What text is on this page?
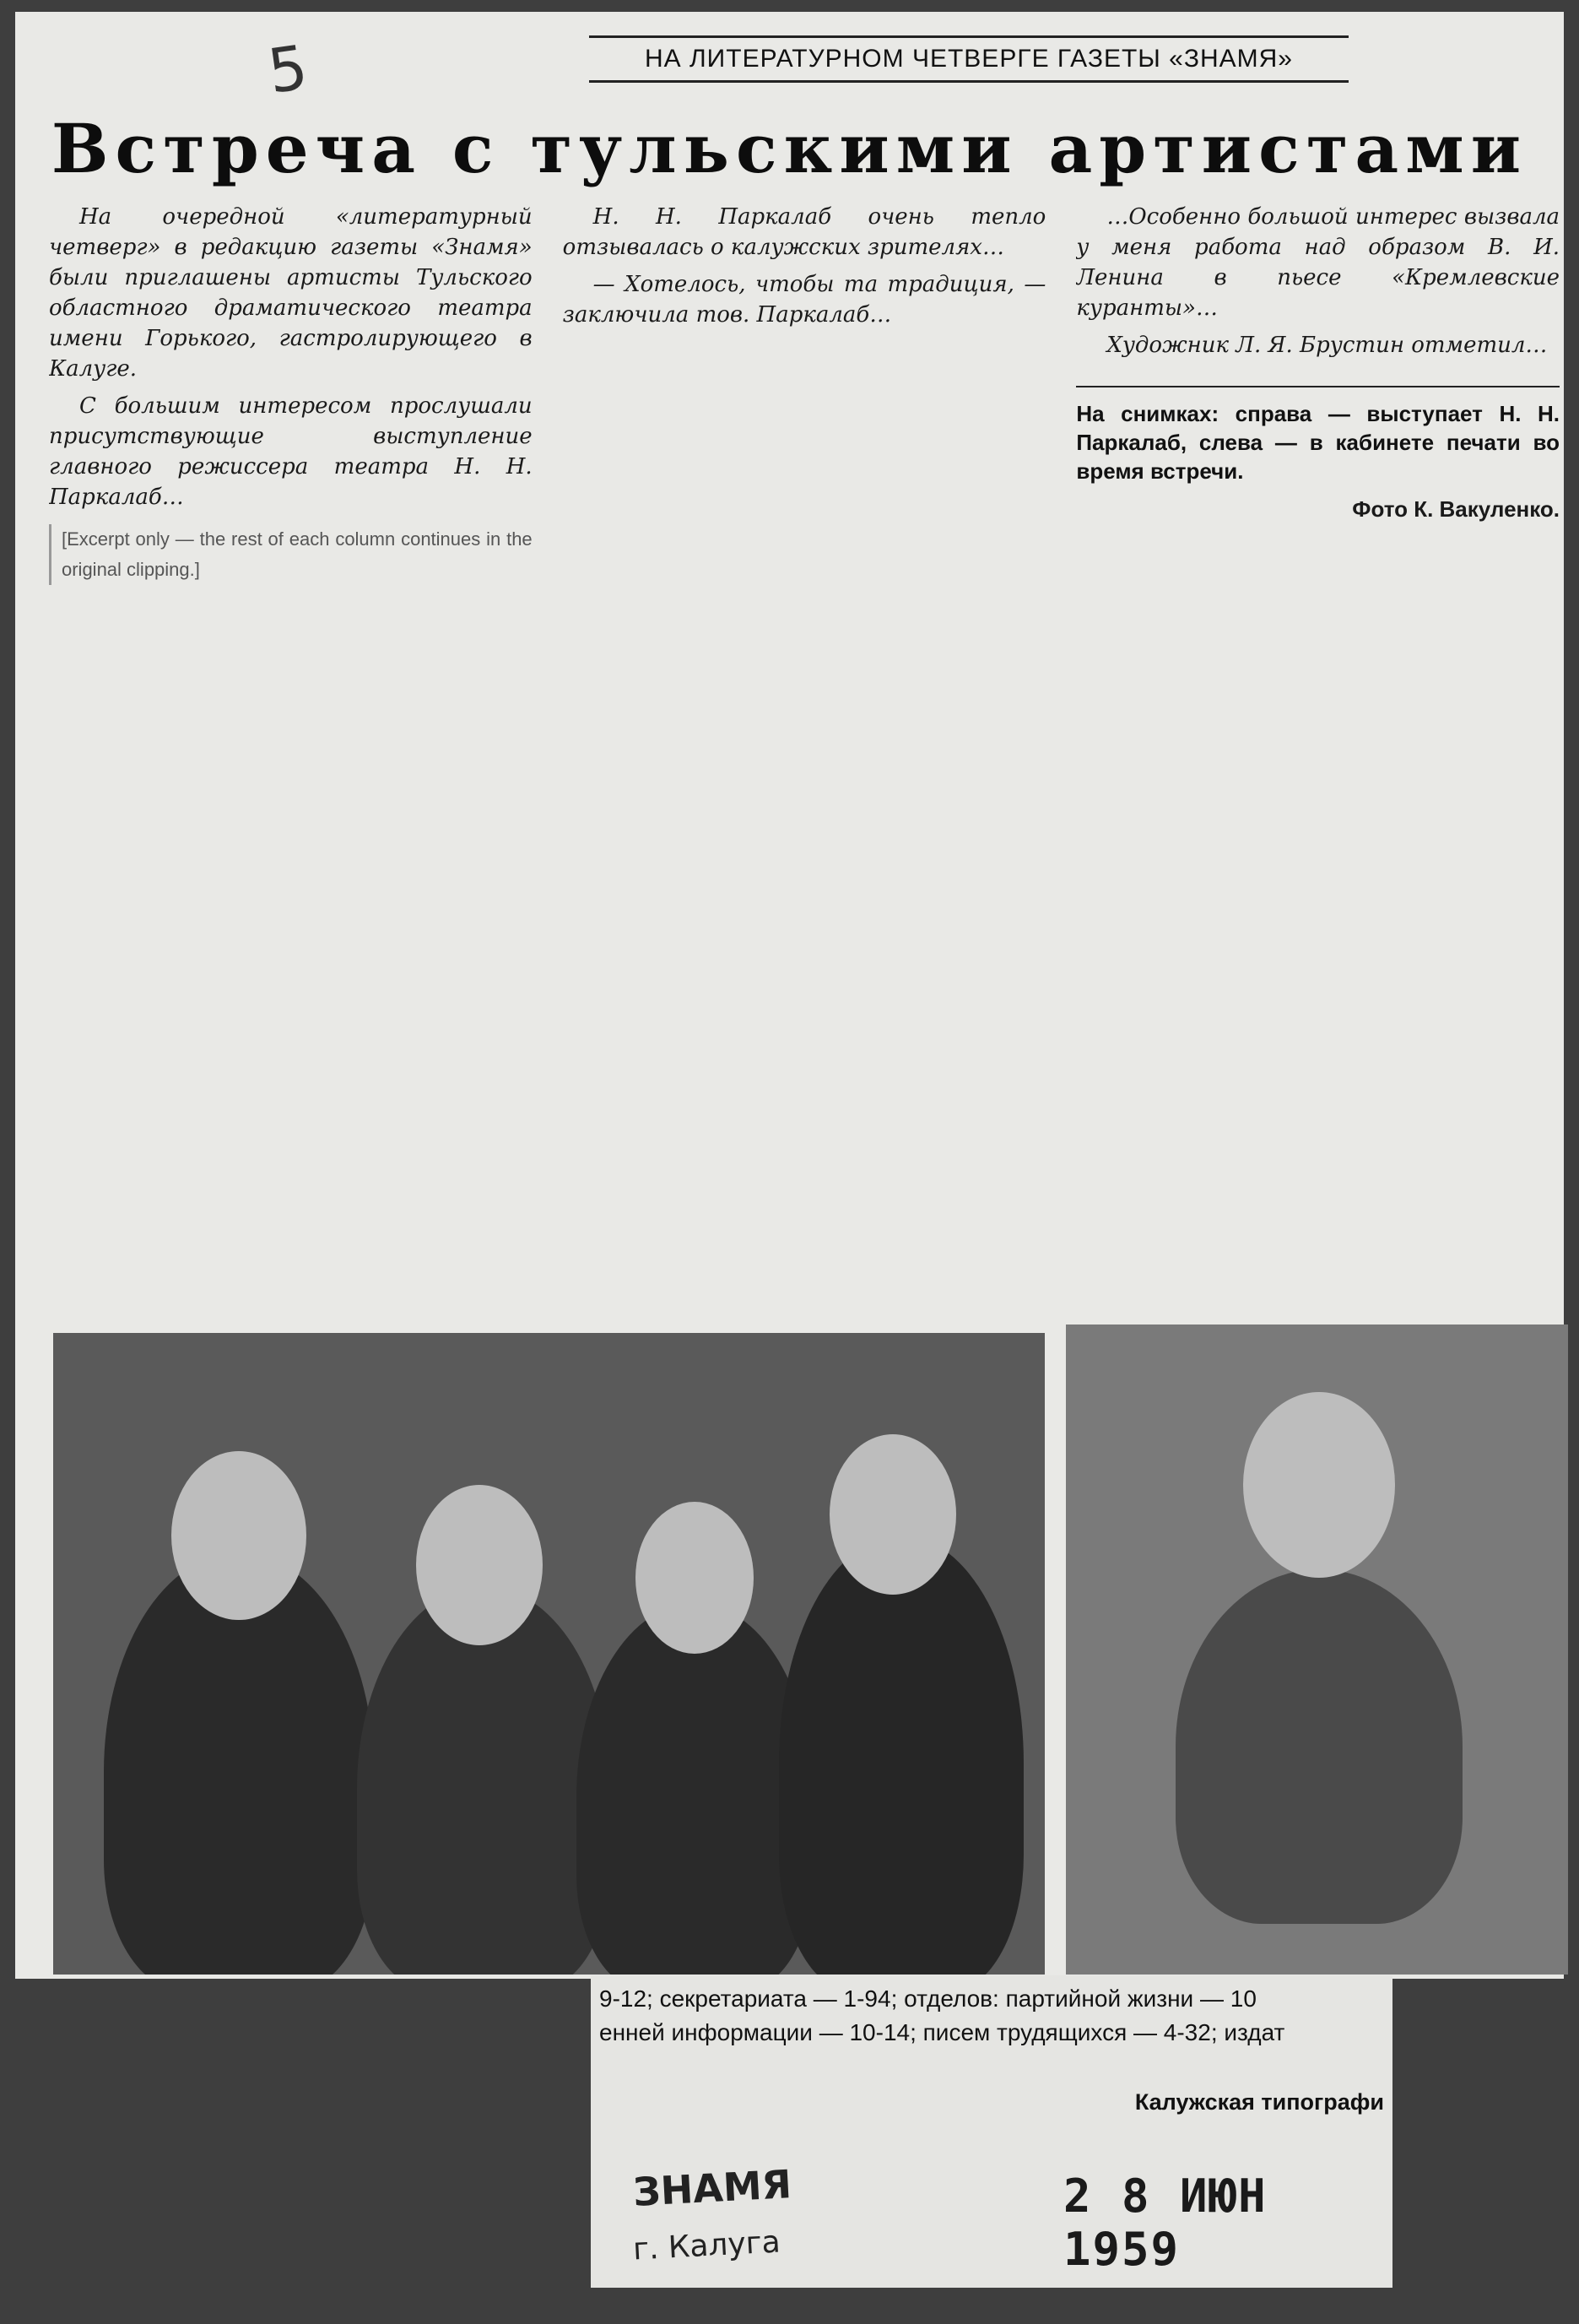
5	НА ЛИТЕРАТУРНОМ ЧЕТВЕРГЕ ГАЗЕТЫ «ЗНАМЯ»
Встреча с тульскими артистами

На очередной «литературный четверг» в редакцию газеты «Знамя» были приглашены артисты Тульского областного драматического театра имени Горького, гастролирующего в Калуге.

С большим интересом прослушали присутствующие выступление главного режиссера театра Н. Н. Паркалаб…

[Excerpt only — the rest of each column continues in the original clipping.]

Н. Н. Паркалаб очень тепло отзывалась о калужских зрителях…

— Хотелось, чтобы та традиция, — заключила тов. Паркалаб…

…Особенно большой интерес вызвала у меня работа над образом В. И. Ленина в пьесе «Кремлевские куранты»…

Художник Л. Я. Брустин отметил…

На снимках: справа — выступает Н. Н. Паркалаб, слева — в кабинете печати во время встречи.
Фото К. Вакуленко.
9-12; секретариата — 1-94; отделов: партийной жизни — 10
енней информации — 10-14; писем трудящихся — 4-32; издат
Калужская типографи
ЗНАМЯ
г. Калуга
2 8 ИЮН 1959
